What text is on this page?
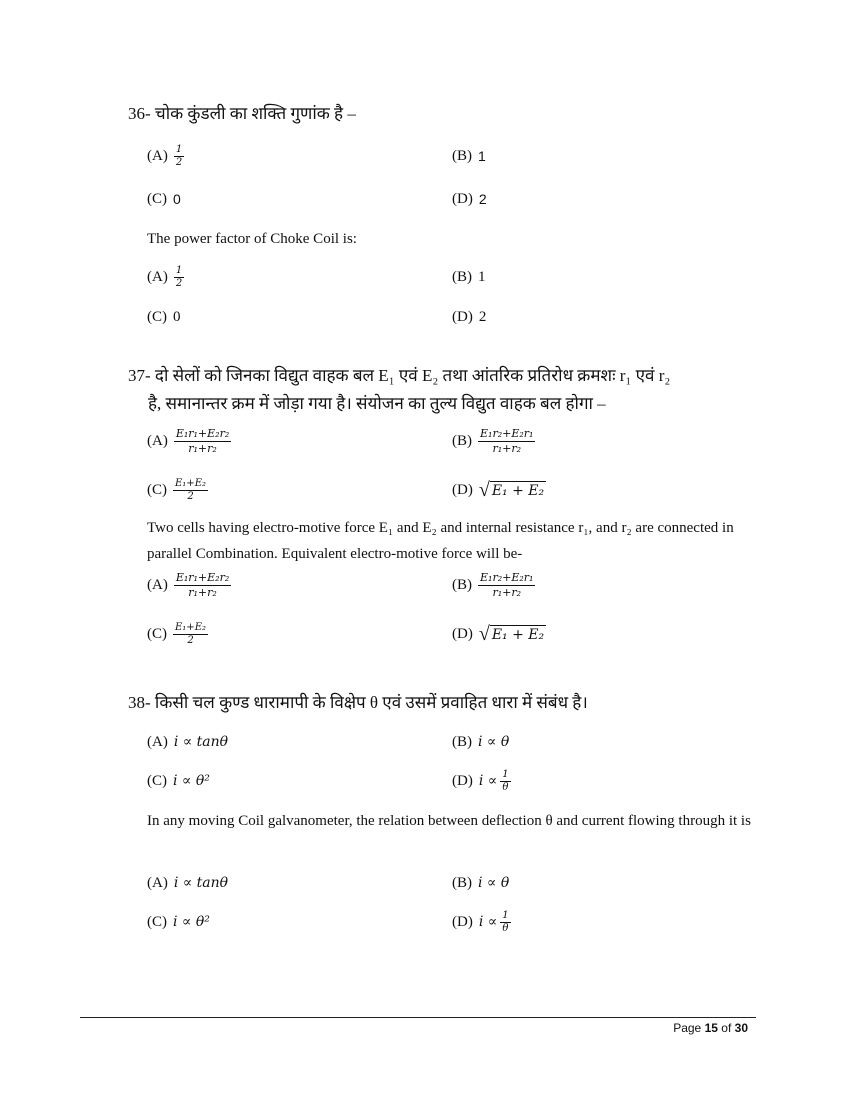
36- चोक कुंडली का शक्ति गुणांक है –

$(A) \frac{1}{2}$	(B) 1
(C) 0	(D) 2

The power factor of Choke Coil is:

$(A) \frac{1}{2}$	(B) 1
(C) 0	(D) 2

37- दो सेलों को जिनका विद्युत वाहक बल E₁ एवं E₂ तथा आंतरिक प्रतिरोध क्रमशः r₁ एवं r₂
है, समानान्तर क्रम में जोड़ा गया है। संयोजन का तुल्य विद्युत वाहक बल होगा –

$(A) \frac{\text{E₁r₁+E₂r₂}}{\text{r₁+r₂}}$	$(B) \frac{\text{E₁r₂+E₂r₁}}{\text{r₁+r₂}}$
$(C) \frac{\text{E₁+E₂}}{2}$	(D) √ E₁ + E₂

Two cells having electro-motive force E₁ and E₂ and internal resistance r₁, and r₂ are connected in parallel Combination. Equivalent electro-motive force will be-

$(A) \frac{\text{E₁r₁+E₂r₂}}{\text{r₁+r₂}}$	$(B) \frac{\text{E₁r₂+E₂r₁}}{\text{r₁+r₂}}$
$(C) \frac{\text{E₁+E₂}}{2}$	(D) √ E₁ + E₂

38- किसी चल कुण्ड धारामापी के विक्षेप θ एवं उसमें प्रवाहित धारा में संबंध है।

(A) i ∝ tanθ	(B) i ∝ θ
(C) i ∝ θ²	(D) $i \propto \frac{1}{\theta}$

In any moving Coil galvanometer, the relation between deflection θ and current flowing through it is

(A) i ∝ tanθ	(B) i ∝ θ
(C) i ∝ θ²	(D) $i \propto \frac{1}{\theta}$
Page 15 of 30
